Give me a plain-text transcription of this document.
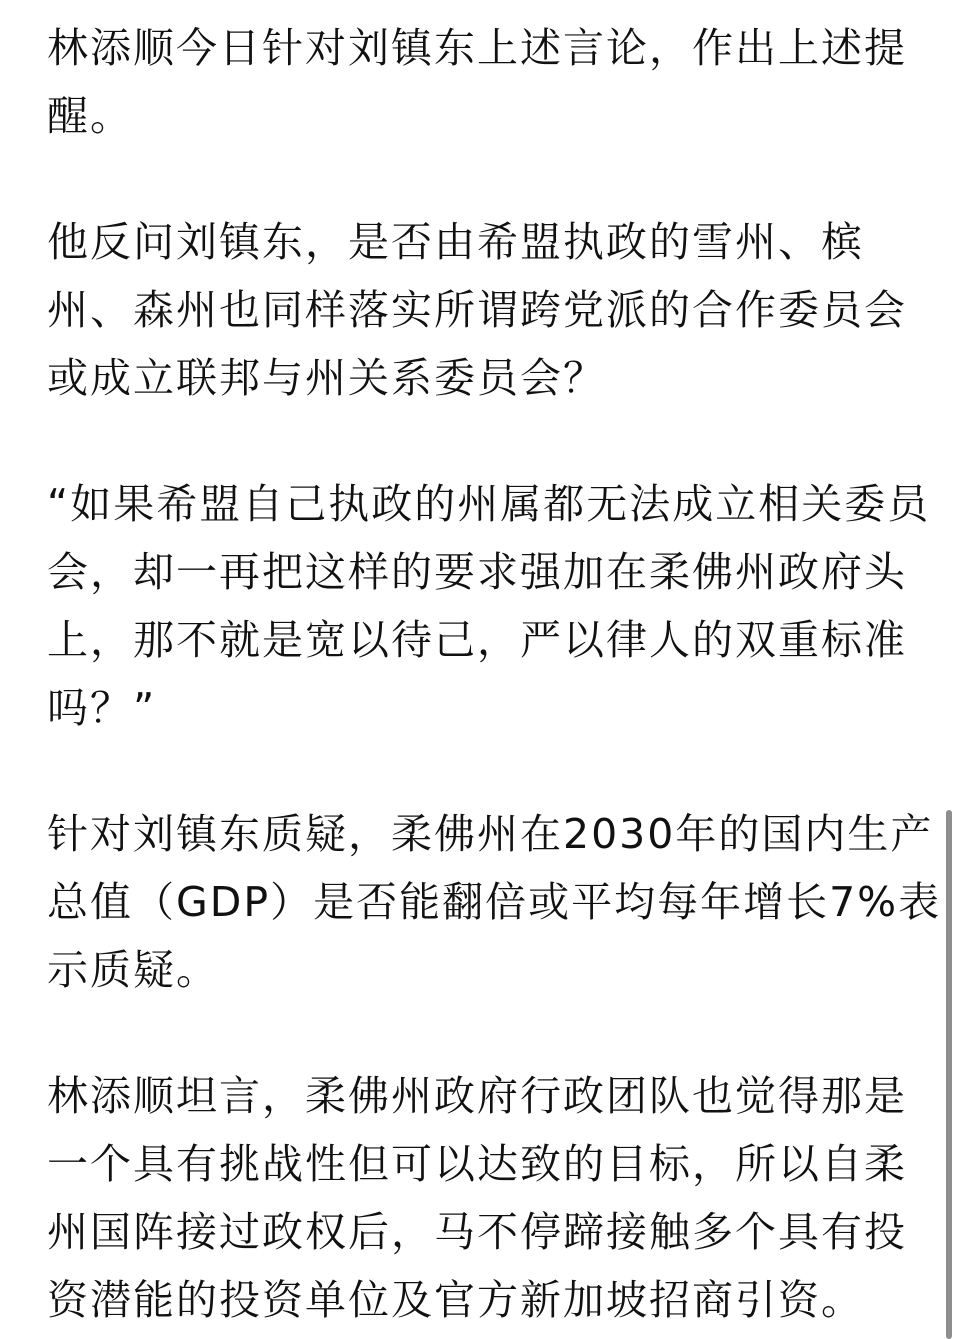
林添顺今日针对刘镇东上述言论，作出上述提
醒。
他反问刘镇东，是否由希盟执政的雪州、槟
州、森州也同样落实所谓跨党派的合作委员会
或成立联邦与州关系委员会？
“如果希盟自己执政的州属都无法成立相关委员
会，却一再把这样的要求强加在柔佛州政府头
上，那不就是宽以待己，严以律人的双重标准
吗？”
针对刘镇东质疑，柔佛州在2030年的国内生产
总值（GDP）是否能翻倍或平均每年增长7%表
示质疑。
林添顺坦言，柔佛州政府行政团队也觉得那是
一个具有挑战性但可以达致的目标，所以自柔
州国阵接过政权后，马不停蹄接触多个具有投
资潜能的投资单位及官方新加坡招商引资。
